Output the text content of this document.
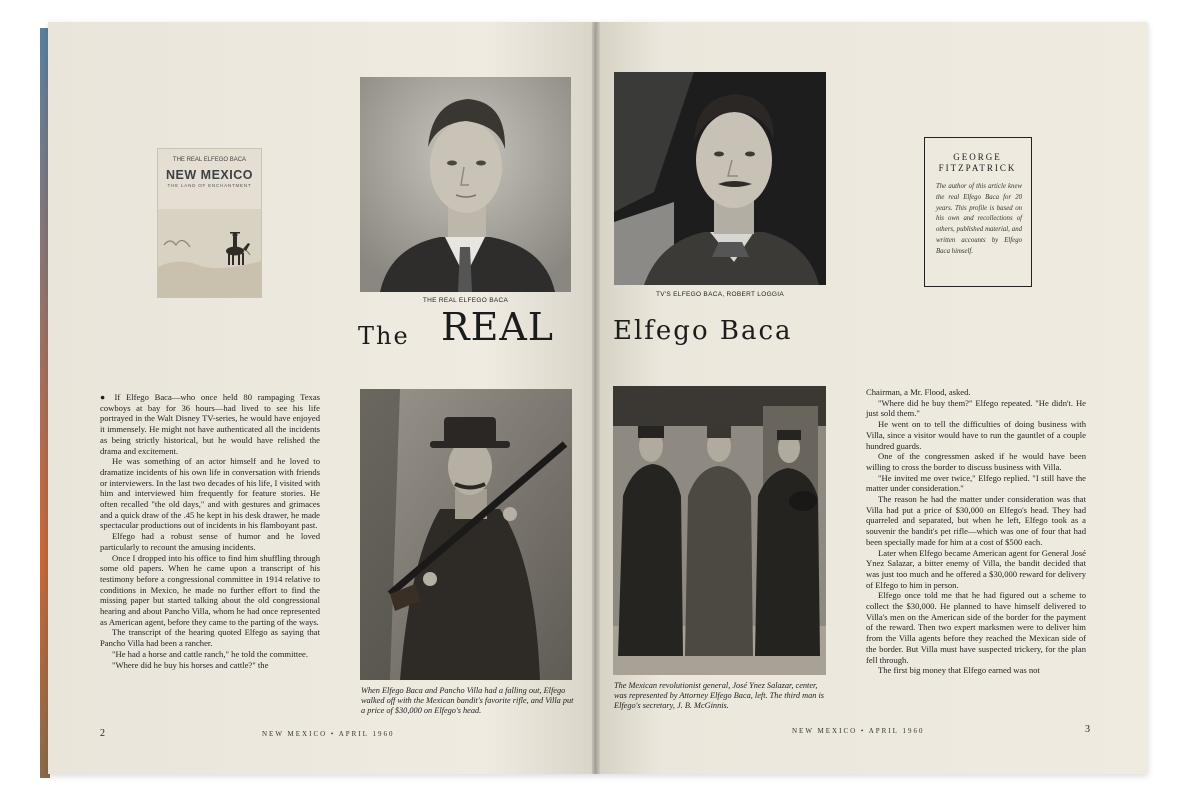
THE REAL ELFEGO BACA
NEW MEXICO
THE LAND OF ENCHANTMENT
THE REAL ELFEGO BACA
TV'S ELFEGO BACA, ROBERT LOGGIA
GEORGE
FITZPATRICK
The author of this article knew the real Elfego Baca for 20 years. This profile is based on his own and recollections of others, published material, and written accounts by Elfego Baca himself.
The REAL Elfego Baca

● If Elfego Baca—who once held 80 rampaging Texas cowboys at bay for 36 hours—had lived to see his life portrayed in the Walt Disney TV-series, he would have enjoyed it immensely. He might not have authenticated all the incidents as being strictly historical, but he would have relished the drama and excitement.

He was something of an actor himself and he loved to dramatize incidents of his own life in conversation with friends or interviewers. In the last two decades of his life, I visited with him and interviewed him frequently for feature stories. He often recalled "the old days," and with gestures and grimaces and a quick draw of the .45 he kept in his desk drawer, he made spectacular productions out of incidents in his flamboyant past.

Elfego had a robust sense of humor and he loved particularly to recount the amusing incidents.

Once I dropped into his office to find him shuffling through some old papers. When he came upon a transcript of his testimony before a congressional committee in 1914 relative to conditions in Mexico, he made no further effort to find the missing paper but started talking about the old congressional hearing and about Pancho Villa, whom he had once represented as American agent, before they came to the parting of the ways.

The transcript of the hearing quoted Elfego as saying that Pancho Villa had been a rancher.

"He had a horse and cattle ranch," he told the committee.

"Where did he buy his horses and cattle?" the

When Elfego Baca and Pancho Villa had a falling out, Elfego walked off with the Mexican bandit's favorite rifle, and Villa put a price of $30,000 on Elfego's head.
The Mexican revolutionist general, José Ynez Salazar, center, was represented by Attorney Elfego Baca, left. The third man is Elfego's secretary, J. B. McGinnis.

Chairman, a Mr. Flood, asked.

"Where did he buy them?" Elfego repeated. "He didn't. He just sold them."

He went on to tell the difficulties of doing business with Villa, since a visitor would have to run the gauntlet of a couple hundred guards.

One of the congressmen asked if he would have been willing to cross the border to discuss business with Villa.

"He invited me over twice," Elfego replied. "I still have the matter under consideration."

The reason he had the matter under consideration was that Villa had put a price of $30,000 on Elfego's head. They had quarreled and separated, but when he left, Elfego took as a souvenir the bandit's pet rifle—which was one of four that had been specially made for him at a cost of $500 each.

Later when Elfego became American agent for General José Ynez Salazar, a bitter enemy of Villa, the bandit decided that was just too much and he offered a $30,000 reward for delivery of Elfego to him in person.

Elfego once told me that he had figured out a scheme to collect the $30,000. He planned to have himself delivered to Villa's men on the American side of the border for the payment of the reward. Then two expert marksmen were to deliver him from the Villa agents before they reached the Mexican side of the border. But Villa must have suspected trickery, for the plan fell through.

The first big money that Elfego earned was not

2	NEW MEXICO • APRIL 1960	NEW MEXICO • APRIL 1960	3
